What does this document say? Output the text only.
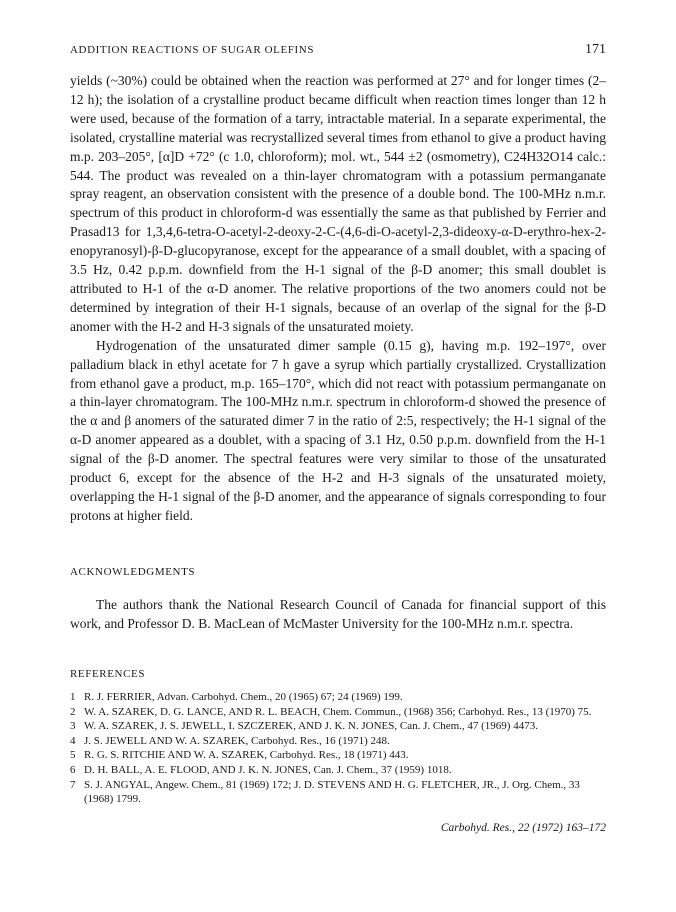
ADDITION REACTIONS OF SUGAR OLEFINS	171

yields (~30%) could be obtained when the reaction was performed at 27° and for longer times (2–12 h); the isolation of a crystalline product became difficult when reaction times longer than 12 h were used, because of the formation of a tarry, intractable material. In a separate experimental, the isolated, crystalline material was recrystallized several times from ethanol to give a product having m.p. 203–205°, [α]D +72° (c 1.0, chloroform); mol. wt., 544 ±2 (osmometry), C24H32O14 calc.: 544. The product was revealed on a thin-layer chromatogram with a potassium permanganate spray reagent, an observation consistent with the presence of a double bond. The 100-MHz n.m.r. spectrum of this product in chloroform-d was essentially the same as that published by Ferrier and Prasad13 for 1,3,4,6-tetra-O-acetyl-2-deoxy-2-C-(4,6-di-O-acetyl-2,3-dideoxy-α-D-erythro-hex-2-enopyranosyl)-β-D-glucopyranose, except for the appearance of a small doublet, with a spacing of 3.5 Hz, 0.42 p.p.m. downfield from the H-1 signal of the β-D anomer; this small doublet is attributed to H-1 of the α-D anomer. The relative proportions of the two anomers could not be determined by integration of their H-1 signals, because of an overlap of the signal for the β-D anomer with the H-2 and H-3 signals of the unsaturated moiety.

Hydrogenation of the unsaturated dimer sample (0.15 g), having m.p. 192–197°, over palladium black in ethyl acetate for 7 h gave a syrup which partially crystallized. Crystallization from ethanol gave a product, m.p. 165–170°, which did not react with potassium permanganate on a thin-layer chromatogram. The 100-MHz n.m.r. spectrum in chloroform-d showed the presence of the α and β anomers of the saturated dimer 7 in the ratio of 2:5, respectively; the H-1 signal of the α-D anomer appeared as a doublet, with a spacing of 3.1 Hz, 0.50 p.p.m. downfield from the H-1 signal of the β-D anomer. The spectral features were very similar to those of the unsaturated product 6, except for the absence of the H-2 and H-3 signals of the unsaturated moiety, overlapping the H-1 signal of the β-D anomer, and the appearance of signals corresponding to four protons at higher field.

ACKNOWLEDGMENTS

The authors thank the National Research Council of Canada for financial support of this work, and Professor D. B. MacLean of McMaster University for the 100-MHz n.m.r. spectra.

REFERENCES
1 R. J. FERRIER, Advan. Carbohyd. Chem., 20 (1965) 67; 24 (1969) 199.
2 W. A. SZAREK, D. G. LANCE, AND R. L. BEACH, Chem. Commun., (1968) 356; Carbohyd. Res., 13 (1970) 75.
3 W. A. SZAREK, J. S. JEWELL, I. SZCZEREK, AND J. K. N. JONES, Can. J. Chem., 47 (1969) 4473.
4 J. S. JEWELL AND W. A. SZAREK, Carbohyd. Res., 16 (1971) 248.
5 R. G. S. RITCHIE AND W. A. SZAREK, Carbohyd. Res., 18 (1971) 443.
6 D. H. BALL, A. E. FLOOD, AND J. K. N. JONES, Can. J. Chem., 37 (1959) 1018.
7 S. J. ANGYAL, Angew. Chem., 81 (1969) 172; J. D. STEVENS AND H. G. FLETCHER, JR., J. Org. Chem., 33 (1968) 1799.
Carbohyd. Res., 22 (1972) 163–172
